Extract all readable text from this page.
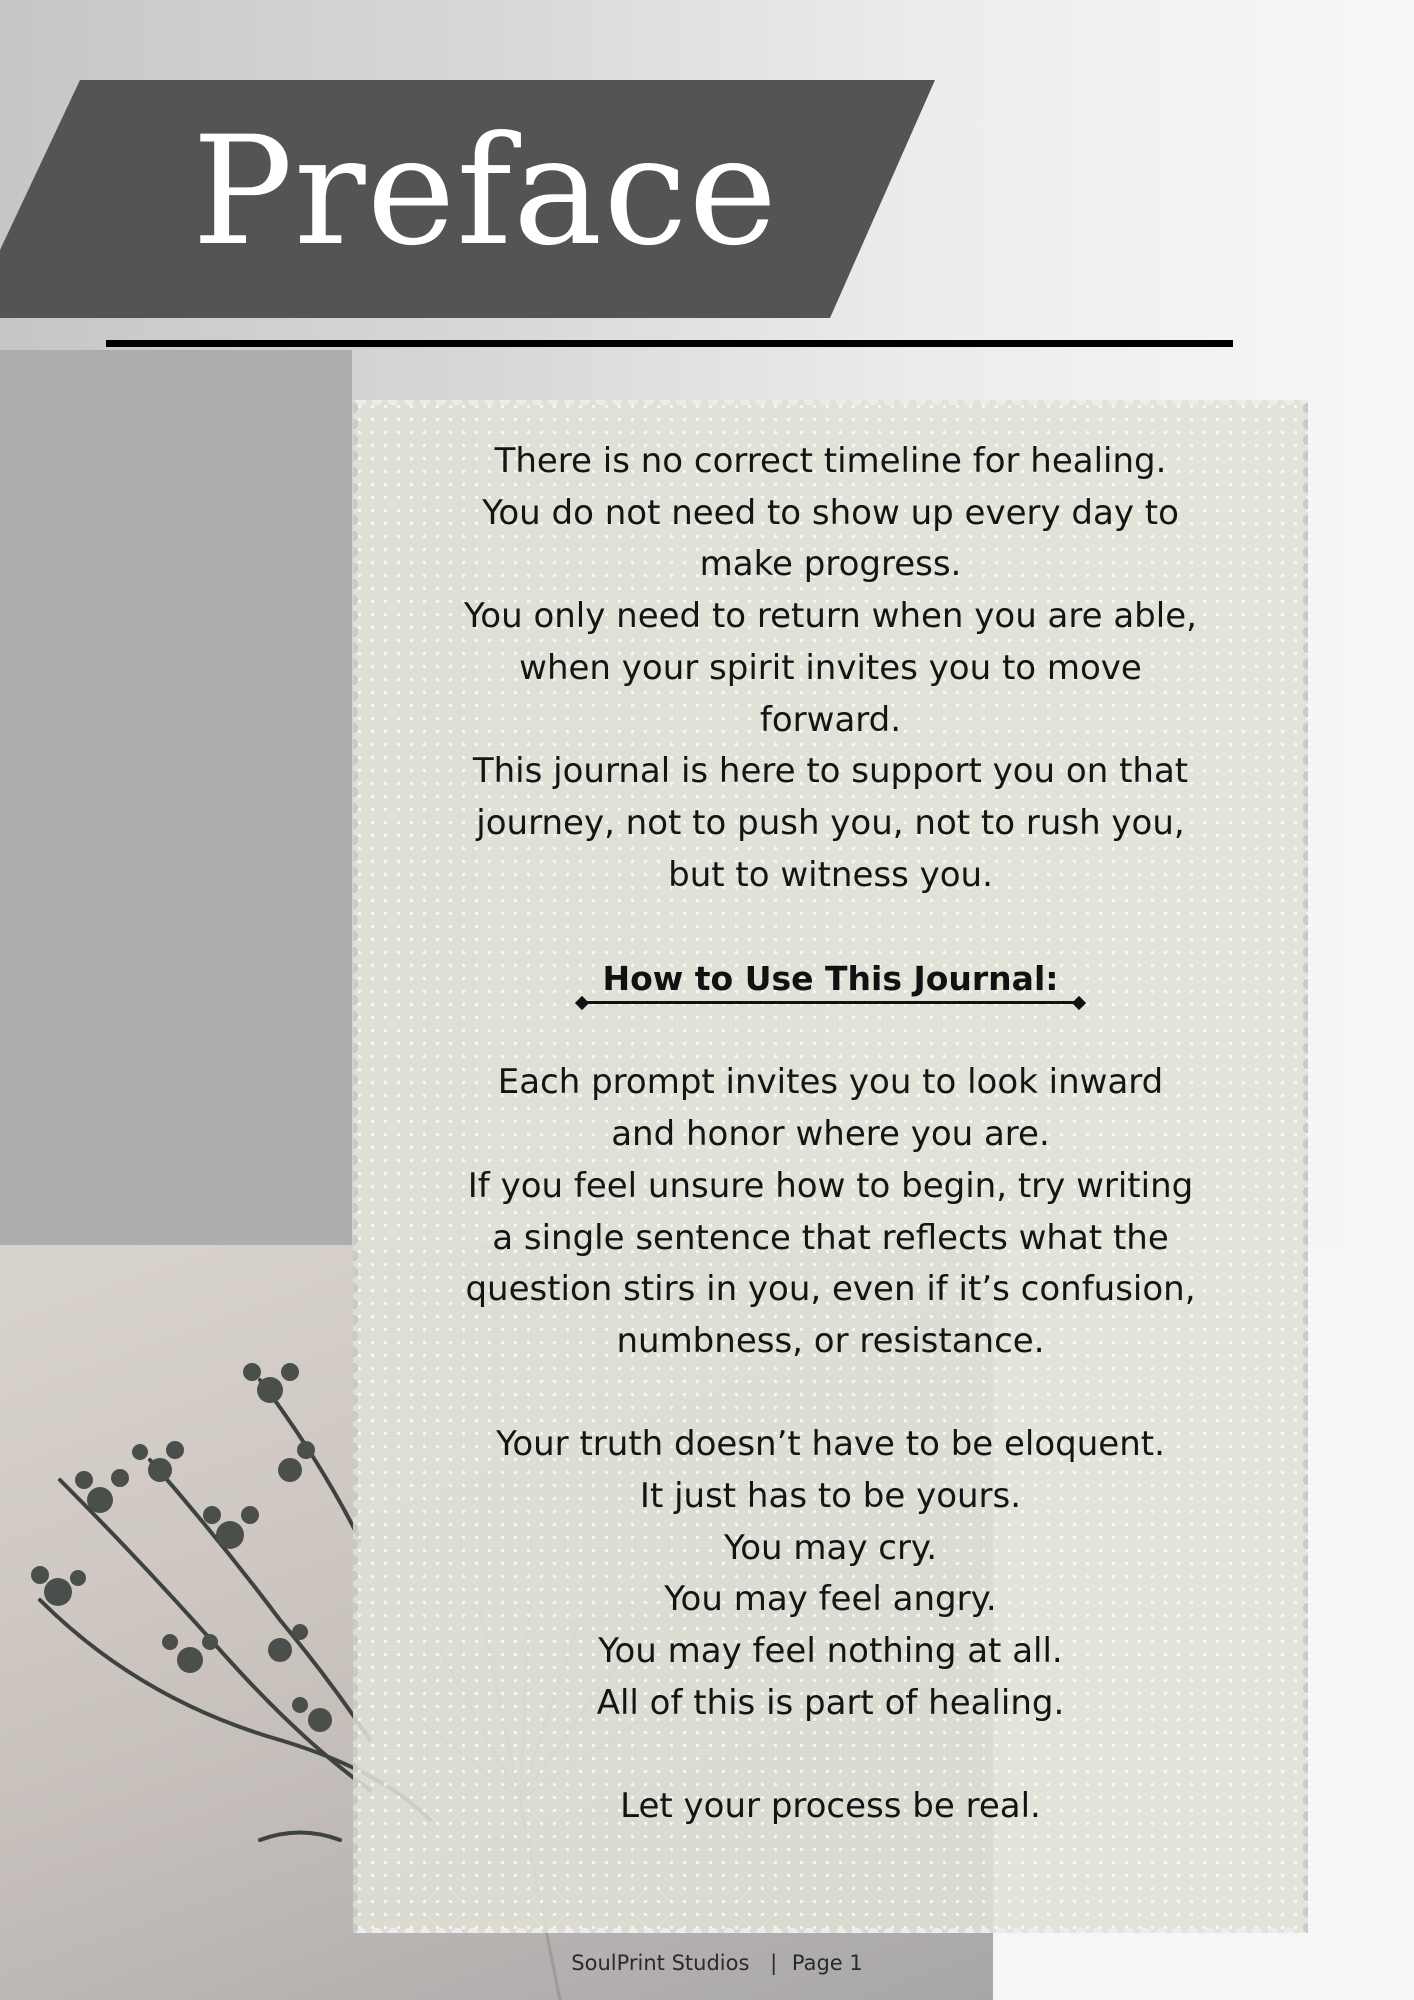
Preface

There is no correct timeline for healing.

You do not need to show up every day to

make progress.

You only need to return when you are able,

when your spirit invites you to move

forward.

This journal is here to support you on that

journey, not to push you, not to rush you,

but to witness you.

How to Use This Journal:

Each prompt invites you to look inward

and honor where you are.

If you feel unsure how to begin, try writing

a single sentence that reflects what the

question stirs in you, even if it’s confusion,

numbness, or resistance.

Your truth doesn’t have to be eloquent.

It just has to be yours.

You may cry.

You may feel angry.

You may feel nothing at all.

All of this is part of healing.

Let your process be real.

SoulPrint Studios | Page 1
